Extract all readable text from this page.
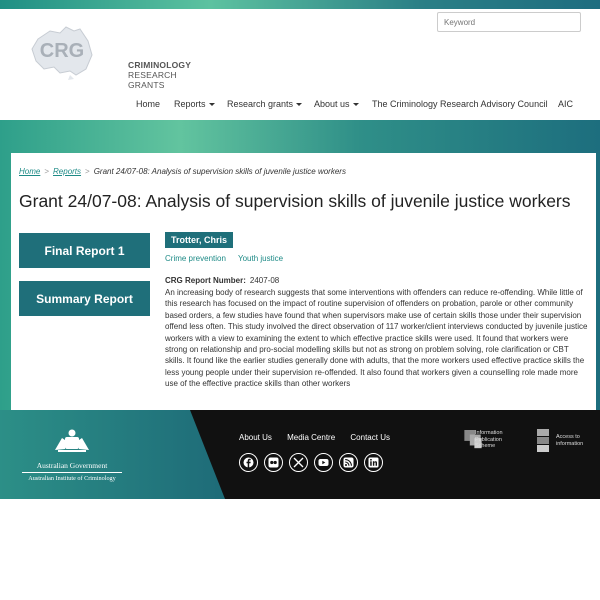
Keyword
CRG
CRIMINOLOGY
RESEARCH GRANTS
Home Reports	Research grants	About us	The Criminology Research Advisory Council AIC
Home > Reports > Grant 24/07-08: Analysis of supervision skills of juvenile justice workers
Grant 24/07-08: Analysis of supervision skills of juvenile justice workers
Final Report 1
Summary Report
Trotter, Chris
Crime prevention Youth justice
CRG Report Number: 2407-08

An increasing body of research suggests that some interventions with offenders can reduce re-offending. While little of this research has focused on the impact of routine supervision of offenders on probation, parole or other community based orders, a few studies have found that when supervisors make use of certain skills those under their supervision offend less often. This study involved the direct observation of 117 worker/client interviews conducted by juvenile justice workers with a view to examining the extent to which effective practice skills were used. It found that workers were strong on relationship and pro-social modelling skills but not as strong on problem solving, role clarification or CBT skills. It found like the earlier studies generally done with adults, that the more workers used effective practice skills the less young people under their supervision re-offended. It also found that workers given a counselling role made more use of the effective practice skills than other workers

Australian Government
Australian Institute of Criminology
About Us Media Centre Contact Us	Information
Publication
Scheme
Access to
information
